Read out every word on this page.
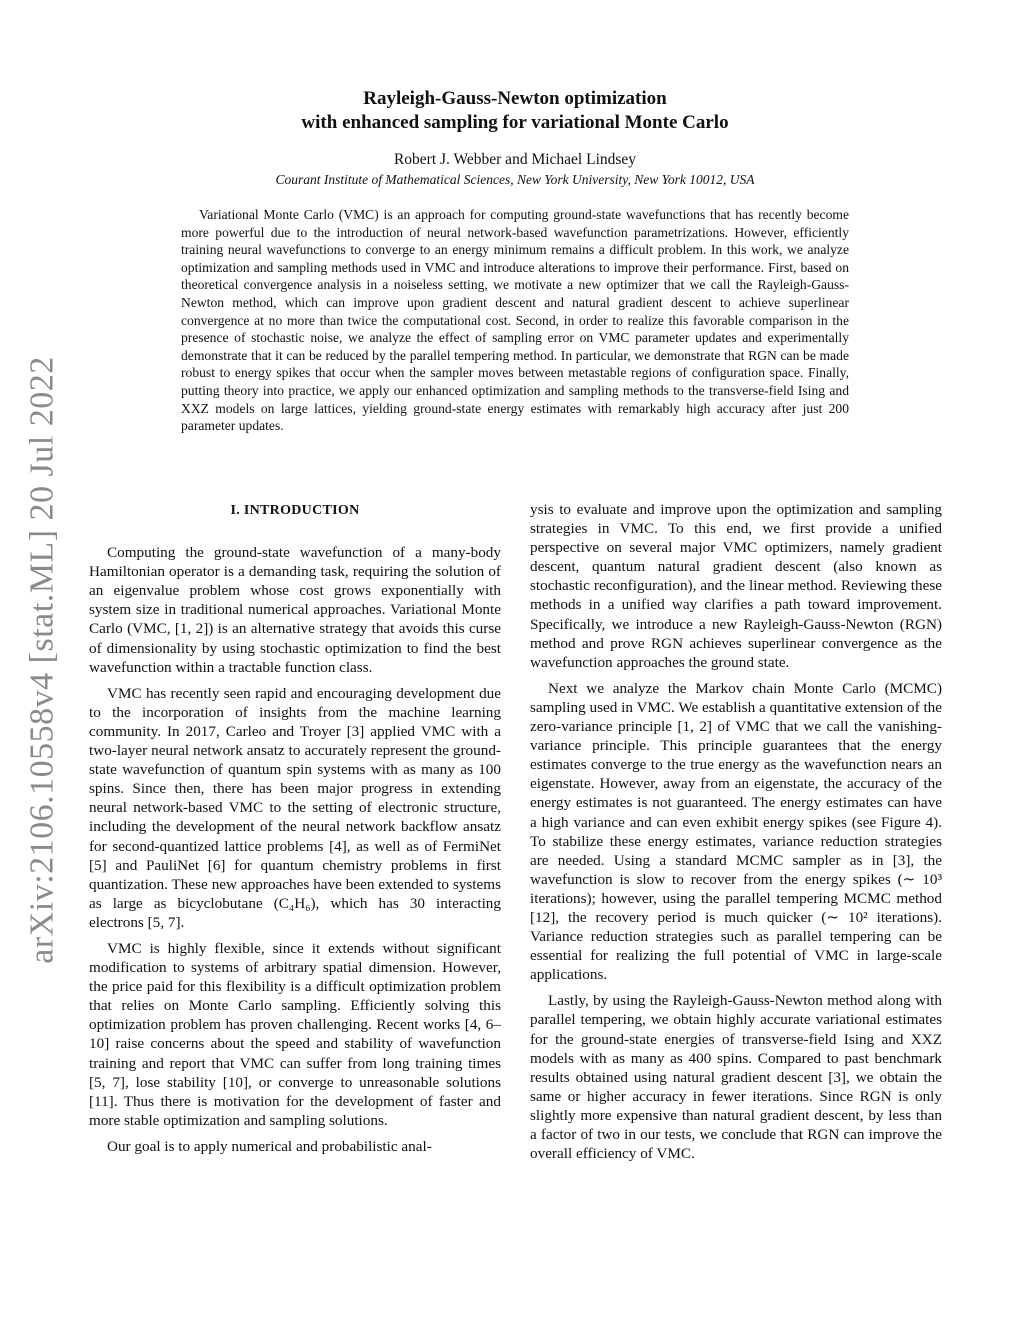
arXiv:2106.10558v4 [stat.ML] 20 Jul 2022
Rayleigh-Gauss-Newton optimization
with enhanced sampling for variational Monte Carlo
Robert J. Webber and Michael Lindsey
Courant Institute of Mathematical Sciences, New York University, New York 10012, USA
Variational Monte Carlo (VMC) is an approach for computing ground-state wavefunctions that has recently become more powerful due to the introduction of neural network-based wavefunction parametrizations. However, efficiently training neural wavefunctions to converge to an energy minimum remains a difficult problem. In this work, we analyze optimization and sampling methods used in VMC and introduce alterations to improve their performance. First, based on theoretical convergence analysis in a noiseless setting, we motivate a new optimizer that we call the Rayleigh-Gauss-Newton method, which can improve upon gradient descent and natural gradient descent to achieve superlinear convergence at no more than twice the computational cost. Second, in order to realize this favorable comparison in the presence of stochastic noise, we analyze the effect of sampling error on VMC parameter updates and experimentally demonstrate that it can be reduced by the parallel tempering method. In particular, we demonstrate that RGN can be made robust to energy spikes that occur when the sampler moves between metastable regions of configuration space. Finally, putting theory into practice, we apply our enhanced optimization and sampling methods to the transverse-field Ising and XXZ models on large lattices, yielding ground-state energy estimates with remarkably high accuracy after just 200 parameter updates.
I. INTRODUCTION

Computing the ground-state wavefunction of a many-body Hamiltonian operator is a demanding task, requiring the solution of an eigenvalue problem whose cost grows exponentially with system size in traditional numerical approaches. Variational Monte Carlo (VMC, [1, 2]) is an alternative strategy that avoids this curse of dimensionality by using stochastic optimization to find the best wavefunction within a tractable function class.

VMC has recently seen rapid and encouraging development due to the incorporation of insights from the machine learning community. In 2017, Carleo and Troyer [3] applied VMC with a two-layer neural network ansatz to accurately represent the ground-state wavefunction of quantum spin systems with as many as 100 spins. Since then, there has been major progress in extending neural network-based VMC to the setting of electronic structure, including the development of the neural network backflow ansatz for second-quantized lattice problems [4], as well as of FermiNet [5] and PauliNet [6] for quantum chemistry problems in first quantization. These new approaches have been extended to systems as large as bicyclobutane (C₄H₆), which has 30 interacting electrons [5, 7].

VMC is highly flexible, since it extends without significant modification to systems of arbitrary spatial dimension. However, the price paid for this flexibility is a difficult optimization problem that relies on Monte Carlo sampling. Efficiently solving this optimization problem has proven challenging. Recent works [4, 6–10] raise concerns about the speed and stability of wavefunction training and report that VMC can suffer from long training times [5, 7], lose stability [10], or converge to unreasonable solutions [11]. Thus there is motivation for the development of faster and more stable optimization and sampling solutions.

Our goal is to apply numerical and probabilistic anal-

ysis to evaluate and improve upon the optimization and sampling strategies in VMC. To this end, we first provide a unified perspective on several major VMC optimizers, namely gradient descent, quantum natural gradient descent (also known as stochastic reconfiguration), and the linear method. Reviewing these methods in a unified way clarifies a path toward improvement. Specifically, we introduce a new Rayleigh-Gauss-Newton (RGN) method and prove RGN achieves superlinear convergence as the wavefunction approaches the ground state.

Next we analyze the Markov chain Monte Carlo (MCMC) sampling used in VMC. We establish a quantitative extension of the zero-variance principle [1, 2] of VMC that we call the vanishing-variance principle. This principle guarantees that the energy estimates converge to the true energy as the wavefunction nears an eigenstate. However, away from an eigenstate, the accuracy of the energy estimates is not guaranteed. The energy estimates can have a high variance and can even exhibit energy spikes (see Figure 4). To stabilize these energy estimates, variance reduction strategies are needed. Using a standard MCMC sampler as in [3], the wavefunction is slow to recover from the energy spikes (∼ 10³ iterations); however, using the parallel tempering MCMC method [12], the recovery period is much quicker (∼ 10² iterations). Variance reduction strategies such as parallel tempering can be essential for realizing the full potential of VMC in large-scale applications.

Lastly, by using the Rayleigh-Gauss-Newton method along with parallel tempering, we obtain highly accurate variational estimates for the ground-state energies of transverse-field Ising and XXZ models with as many as 400 spins. Compared to past benchmark results obtained using natural gradient descent [3], we obtain the same or higher accuracy in fewer iterations. Since RGN is only slightly more expensive than natural gradient descent, by less than a factor of two in our tests, we conclude that RGN can improve the overall efficiency of VMC.
